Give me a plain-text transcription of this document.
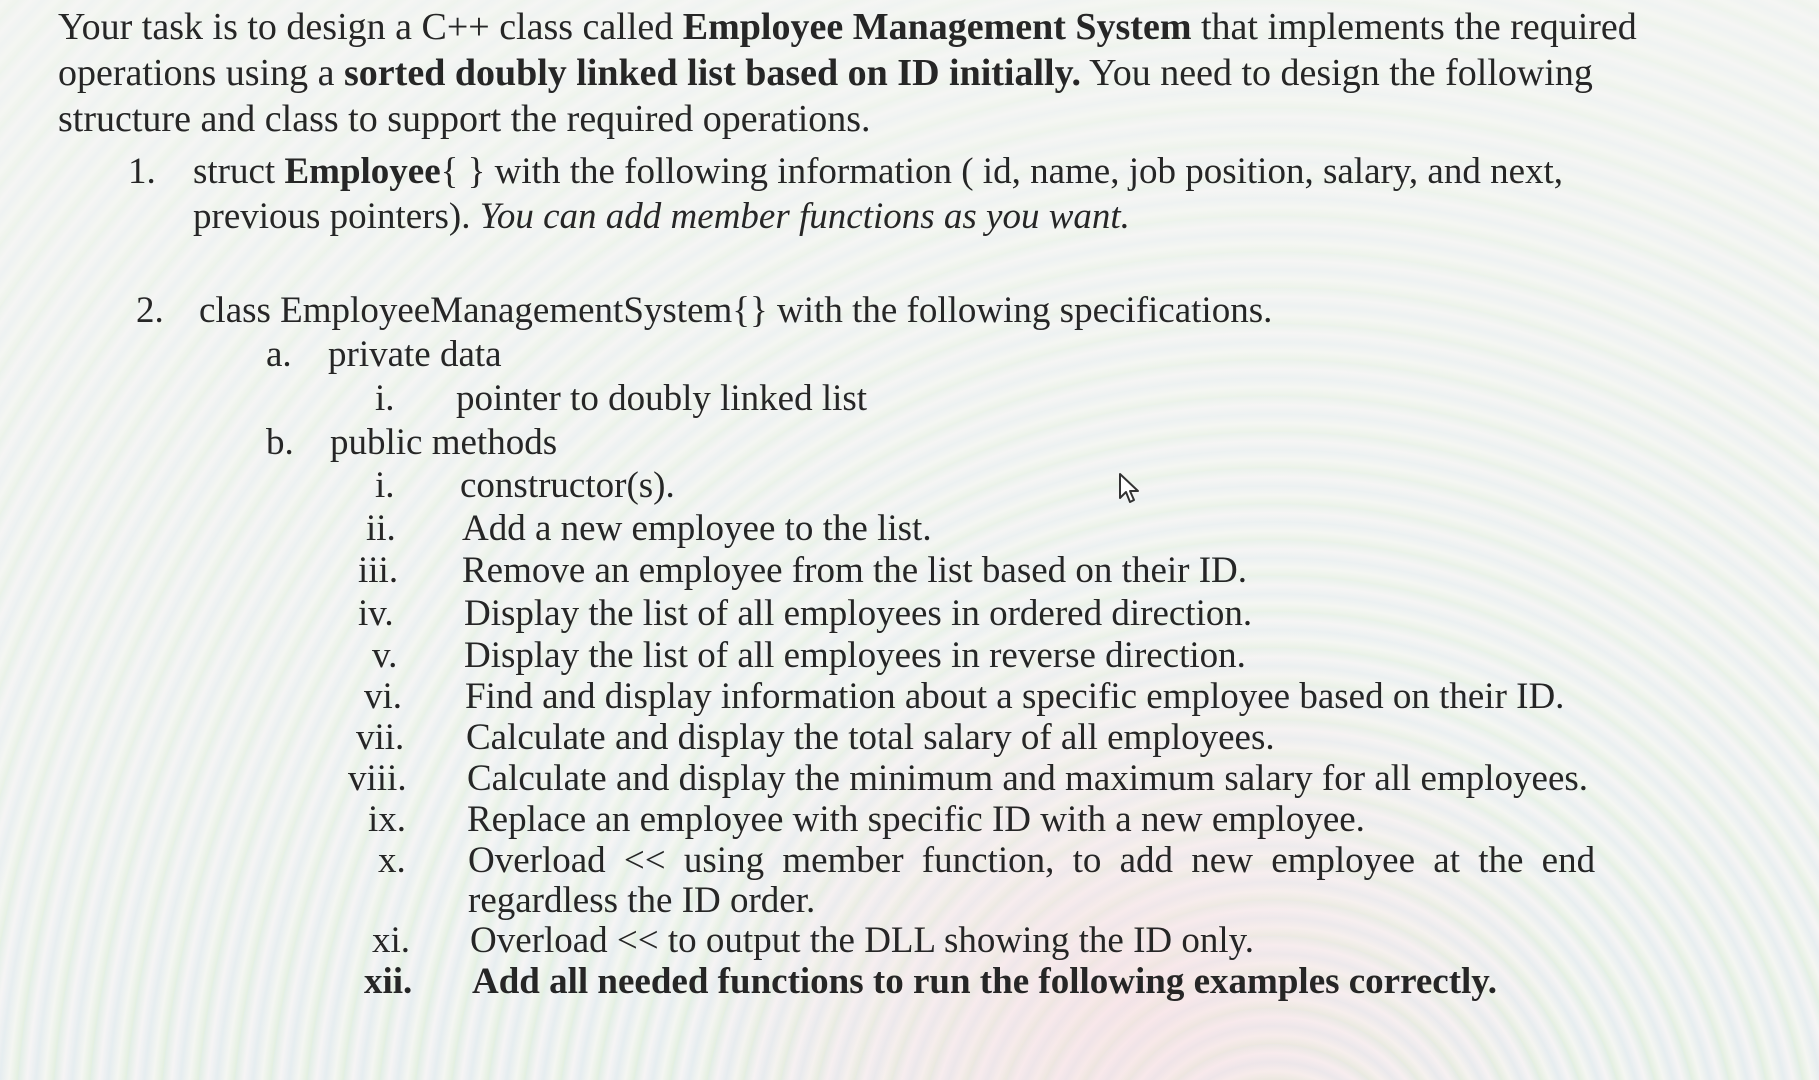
Your task is to design a C++ class called Employee Management System that implements the required operations using a sorted doubly linked list based on ID initially. You need to design the following structure and class to support the required operations.
1. struct Employee{ } with the following information ( id, name, job position, salary, and next,
previous pointers). You can add member functions as you want.
2. class EmployeeManagementSystem{} with the following specifications.
a. private data
i. pointer to doubly linked list
b. public methods
i. constructor(s).
ii. Add a new employee to the list.
iii. Remove an employee from the list based on their ID.
iv. Display the list of all employees in ordered direction.
v. Display the list of all employees in reverse direction.
vi. Find and display information about a specific employee based on their ID.
vii. Calculate and display the total salary of all employees.
viii. Calculate and display the minimum and maximum salary for all employees.
ix. Replace an employee with specific ID with a new employee.
x. Overload << using member function, to add new employee at the end
regardless the ID order.
xi. Overload << to output the DLL showing the ID only.
xii. Add all needed functions to run the following examples correctly.
